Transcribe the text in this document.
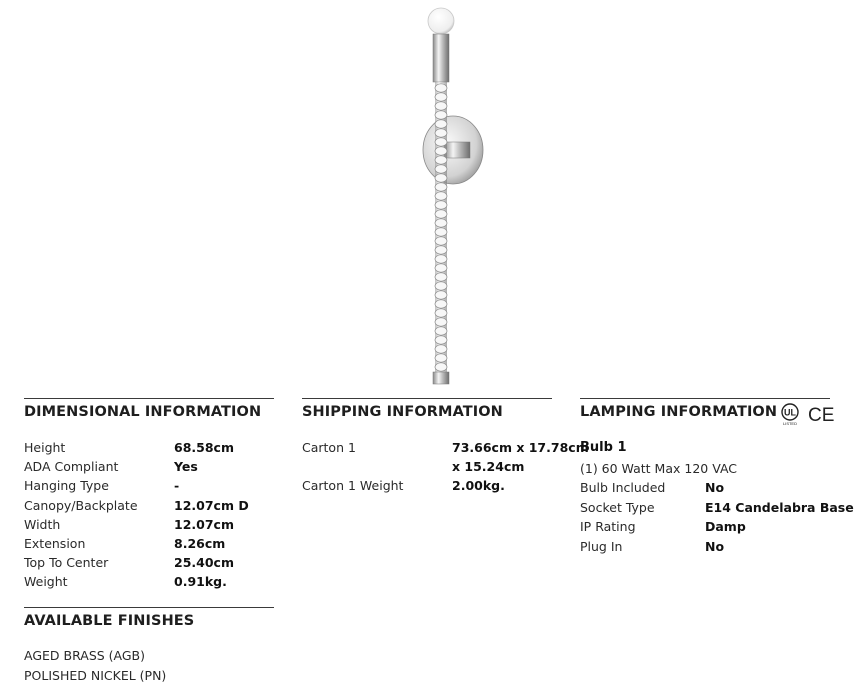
DIMENSIONAL INFORMATION
Height	68.58cm
ADA Compliant	Yes
Hanging Type	-
Canopy/Backplate	12.07cm D
Width	12.07cm
Extension	8.26cm
Top To Center	25.40cm
Weight	0.91kg.
AVAILABLE FINISHES
AGED BRASS (AGB)
POLISHED NICKEL (PN)
SHIPPING INFORMATION
Carton 1	73.66cm x 17.78cm
x 15.24cm
Carton 1 Weight	2.00kg.
LAMPING INFORMATION UL
LISTED CE
Bulb 1
(1) 60 Watt Max 120 VAC
Bulb Included	No
Socket Type	E14 Candelabra Base
IP Rating	Damp
Plug In	No
